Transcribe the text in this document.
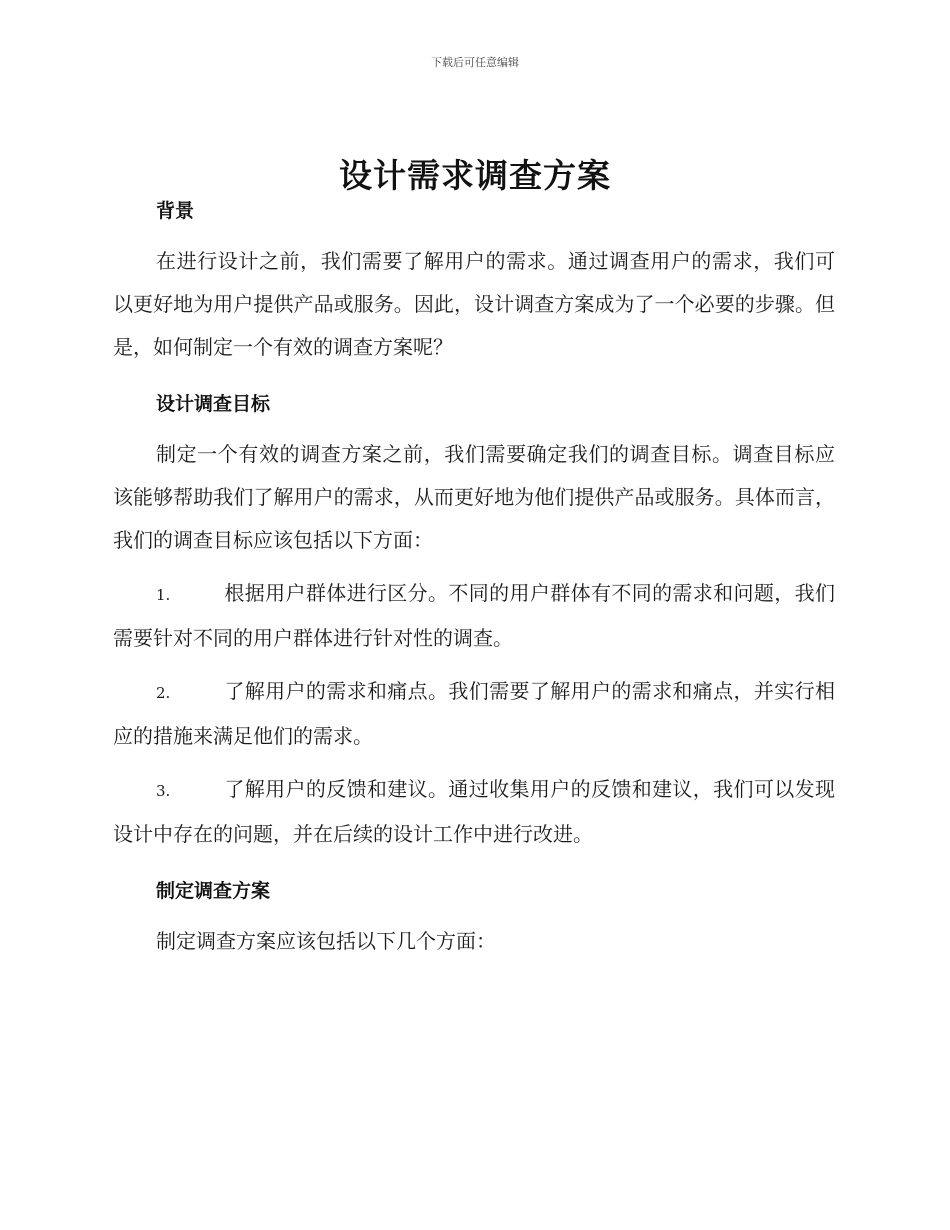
下载后可任意编辑
设计需求调查方案
背景

在进行设计之前，我们需要了解用户的需求。通过调查用户的需求，我们可以更好地为用户提供产品或服务。因此，设计调查方案成为了一个必要的步骤。但是，如何制定一个有效的调查方案呢？

设计调查目标

制定一个有效的调查方案之前，我们需要确定我们的调查目标。调查目标应该能够帮助我们了解用户的需求，从而更好地为他们提供产品或服务。具体而言，我们的调查目标应该包括以下方面：

1.	根据用户群体进行区分。不同的用户群体有不同的需求和问题，我们需要针对不同的用户群体进行针对性的调查。

2.	了解用户的需求和痛点。我们需要了解用户的需求和痛点，并实行相应的措施来满足他们的需求。

3.	了解用户的反馈和建议。通过收集用户的反馈和建议，我们可以发现设计中存在的问题，并在后续的设计工作中进行改进。

制定调查方案

制定调查方案应该包括以下几个方面：
